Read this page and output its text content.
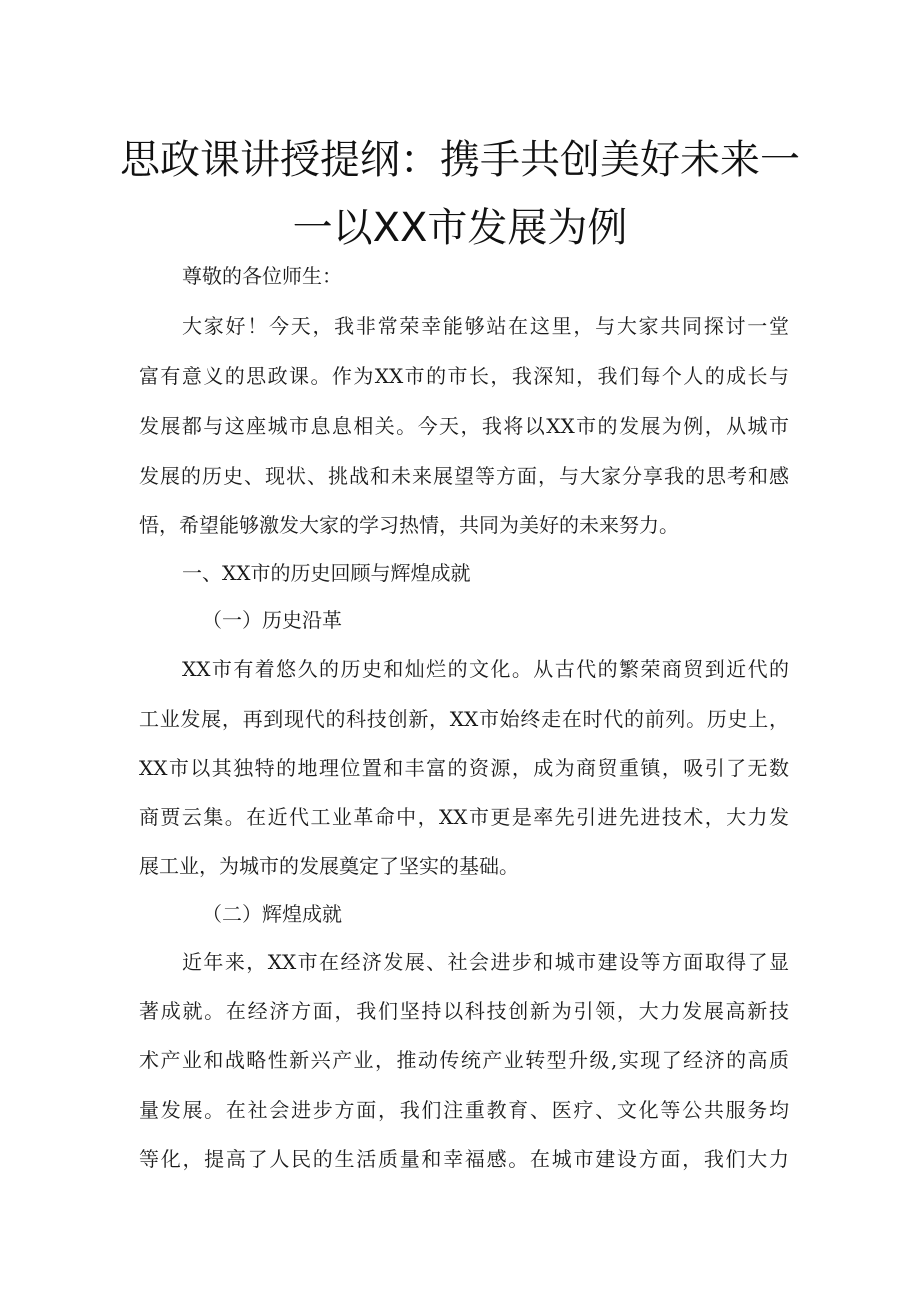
思政课讲授提纲：携手共创美好未来一
一以XX市发展为例
尊敬的各位师生：
大家好！今天，我非常荣幸能够站在这里，与大家共同探讨一堂
富有意义的思政课。作为XX市的市长，我深知，我们每个人的成长与
发展都与这座城市息息相关。今天，我将以XX市的发展为例，从城市
发展的历史、现状、挑战和未来展望等方面，与大家分享我的思考和感
悟，希望能够激发大家的学习热情，共同为美好的未来努力。
一、XX市的历史回顾与辉煌成就
（一）历史沿革
XX市有着悠久的历史和灿烂的文化。从古代的繁荣商贸到近代的
工业发展，再到现代的科技创新，XX市始终走在时代的前列。历史上，
XX市以其独特的地理位置和丰富的资源，成为商贸重镇，吸引了无数
商贾云集。在近代工业革命中，XX市更是率先引进先进技术，大力发
展工业，为城市的发展奠定了坚实的基础。
（二）辉煌成就
近年来，XX市在经济发展、社会进步和城市建设等方面取得了显
著成就。在经济方面，我们坚持以科技创新为引领，大力发展高新技
术产业和战略性新兴产业，推动传统产业转型升级,实现了经济的高质
量发展。在社会进步方面，我们注重教育、医疗、文化等公共服务均
等化，提高了人民的生活质量和幸福感。在城市建设方面，我们大力
